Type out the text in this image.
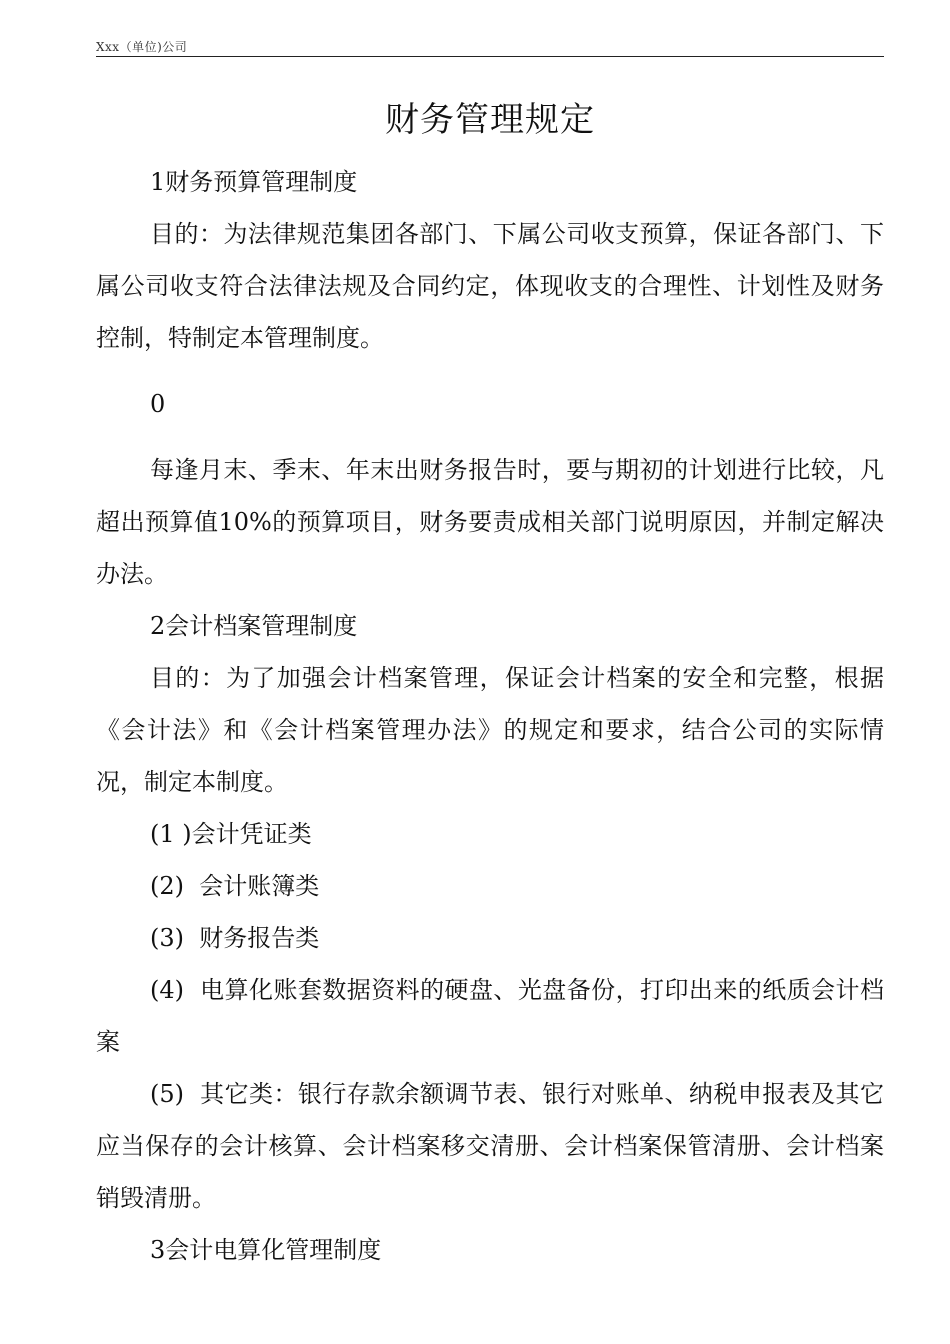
Xxx（单位)公司
财务管理规定

1财务预算管理制度

目的：为法律规范集团各部门、下属公司收支预算，保证各部门、下属公司收支符合法律法规及合同约定，体现收支的合理性、计划性及财务控制，特制定本管理制度。

0

每逢月末、季末、年末出财务报告时，要与期初的计划进行比较，凡超出预算值10%的预算项目，财务要责成相关部门说明原因，并制定解决办法。

2会计档案管理制度

目的：为了加强会计档案管理，保证会计档案的安全和完整，根据《会计法》和《会计档案管理办法》的规定和要求，结合公司的实际情况，制定本制度。

(1 )会计凭证类

(2)  会计账簿类

(3)  财务报告类

(4)  电算化账套数据资料的硬盘、光盘备份，打印出来的纸质会计档案

(5)  其它类：银行存款余额调节表、银行对账单、纳税申报表及其它应当保存的会计核算、会计档案移交清册、会计档案保管清册、会计档案销毁清册。

3会计电算化管理制度
